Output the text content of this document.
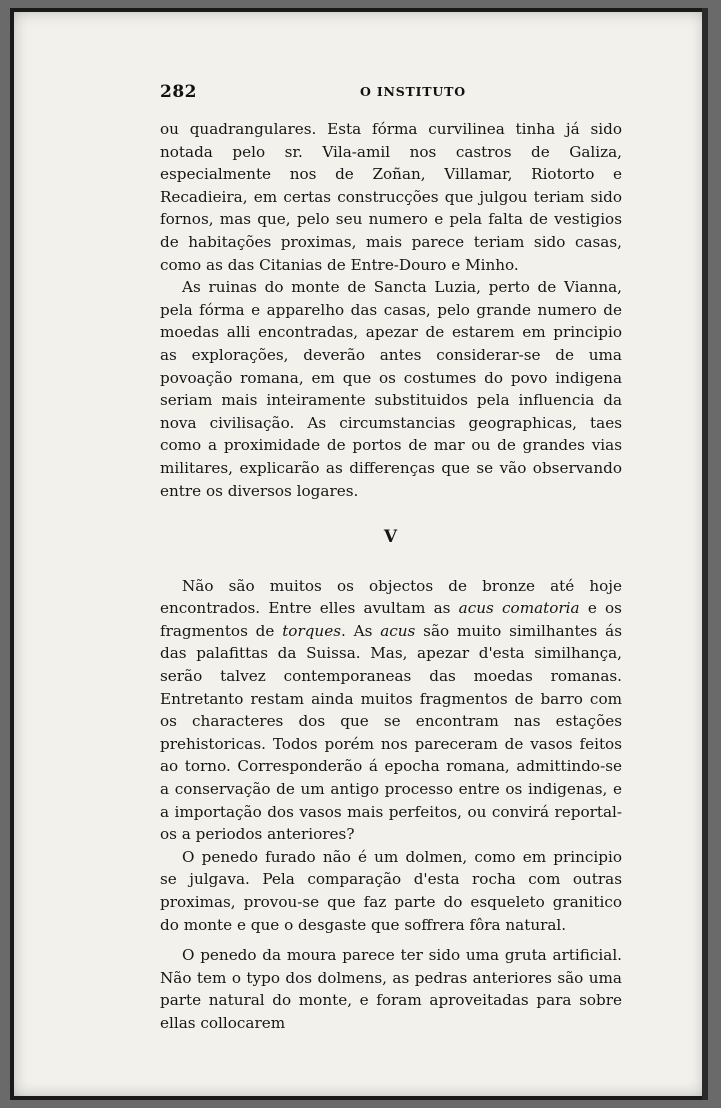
282	O INSTITUTO

ou quadrangulares. Esta fórma curvilinea tinha já sido notada pelo sr. Vila-amil nos castros de Galiza, especialmente nos de Zoñan, Villamar, Riotorto e Recadieira, em certas construcções que julgou teriam sido fornos, mas que, pelo seu numero e pela falta de vestigios de habitações proximas, mais parece teriam sido casas, como as das Citanias de Entre-Douro e Minho.

As ruinas do monte de Sancta Luzia, perto de Vianna, pela fórma e apparelho das casas, pelo grande numero de moedas alli encontradas, apezar de estarem em principio as explorações, deverão antes considerar-se de uma povoação romana, em que os costumes do povo indigena seriam mais inteiramente substituidos pela influencia da nova civilisação. As circumstancias geographicas, taes como a proximidade de portos de mar ou de grandes vias militares, explicarão as differenças que se vão observando entre os diversos logares.

V

Não são muitos os objectos de bronze até hoje encontrados. Entre elles avultam as acus comatoria e os fragmentos de torques. As acus são muito similhantes ás das palafittas da Suissa. Mas, apezar d'esta similhança, serão talvez contemporaneas das moedas romanas. Entretanto restam ainda muitos fragmentos de barro com os characteres dos que se encontram nas estações prehistoricas. Todos porém nos pareceram de vasos feitos ao torno. Corresponderão á epocha romana, admittindo-se a conservação de um antigo processo entre os indigenas, e a importação dos vasos mais perfeitos, ou convirá reportal-os a periodos anteriores?

O penedo furado não é um dolmen, como em principio se julgava. Pela comparação d'esta rocha com outras proximas, provou-se que faz parte do esqueleto granitico do monte e que o desgaste que soffrera fôra natural.

O penedo da moura parece ter sido uma gruta artificial. Não tem o typo dos dolmens, as pedras anteriores são uma parte natural do monte, e foram aproveitadas para sobre ellas collocarem
